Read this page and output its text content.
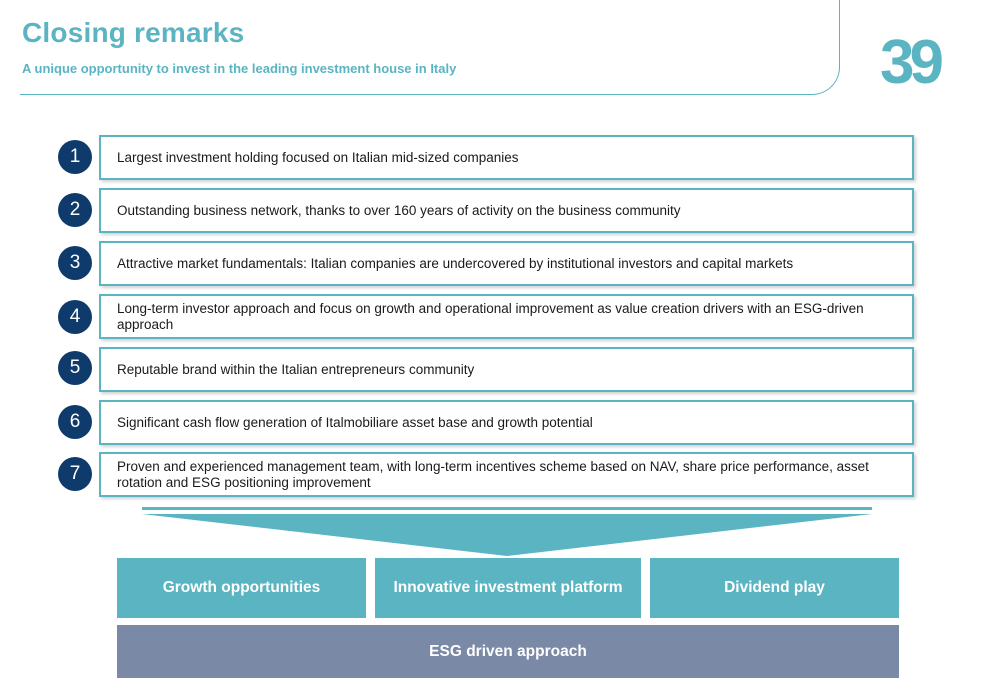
Closing remarks

A unique opportunity to invest in the leading investment house in Italy	39
1	Largest investment holding focused on Italian mid-sized companies
2	Outstanding business network, thanks to over 160 years of activity on the business community
3	Attractive market fundamentals: Italian companies are undercovered by institutional investors and capital markets
4	Long-term investor approach and focus on growth and operational improvement as value creation drivers with an ESG-driven approach
5	Reputable brand within the Italian entrepreneurs community
6	Significant cash flow generation of Italmobiliare asset base and growth potential
7	Proven and experienced management team, with long-term incentives scheme based on NAV, share price performance, asset rotation and ESG positioning improvement
Growth opportunities	Innovative investment platform	Dividend play
ESG driven approach
